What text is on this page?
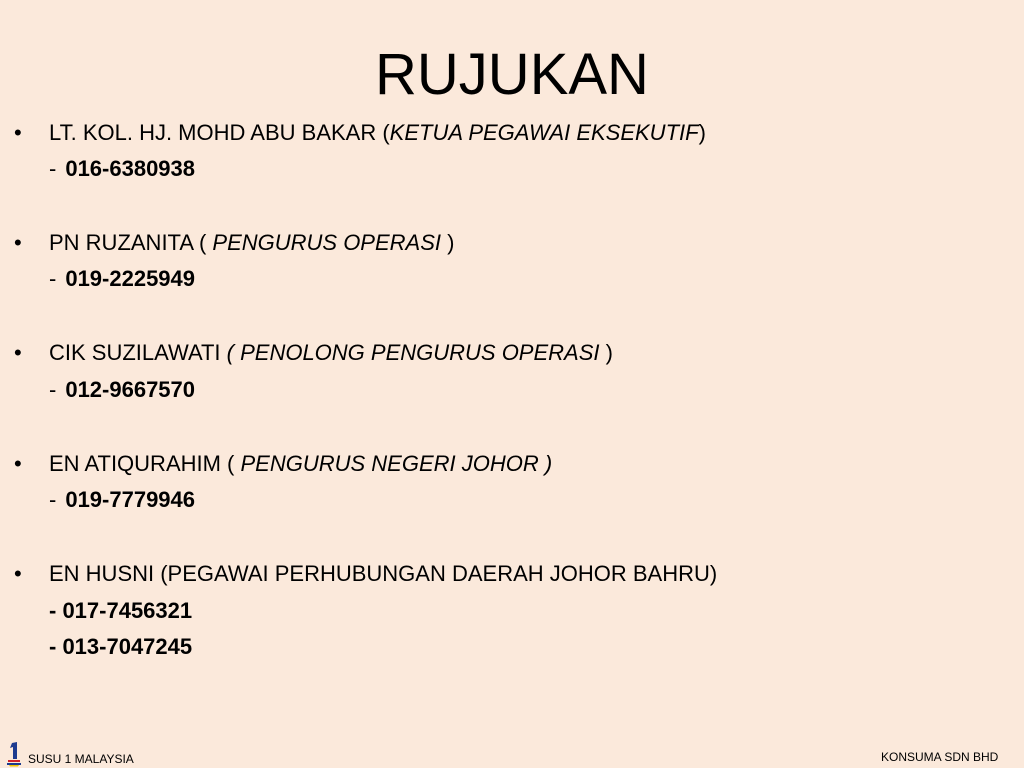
RUJUKAN
• LT. KOL. HJ. MOHD ABU BAKAR (KETUA PEGAWAI EKSEKUTIF)
- 016-6380938
• PN RUZANITA ( PENGURUS OPERASI )
- 019-2225949
• CIK SUZILAWATI ( PENOLONG PENGURUS OPERASI )
- 012-9667570
• EN ATIQURAHIM ( PENGURUS NEGERI JOHOR )
- 019-7779946
• EN HUSNI (PEGAWAI PERHUBUNGAN DAERAH JOHOR BAHRU)
- 017-7456321
- 013-7047245
SUSU 1 MALAYSIA	KONSUMA SDN BHD
